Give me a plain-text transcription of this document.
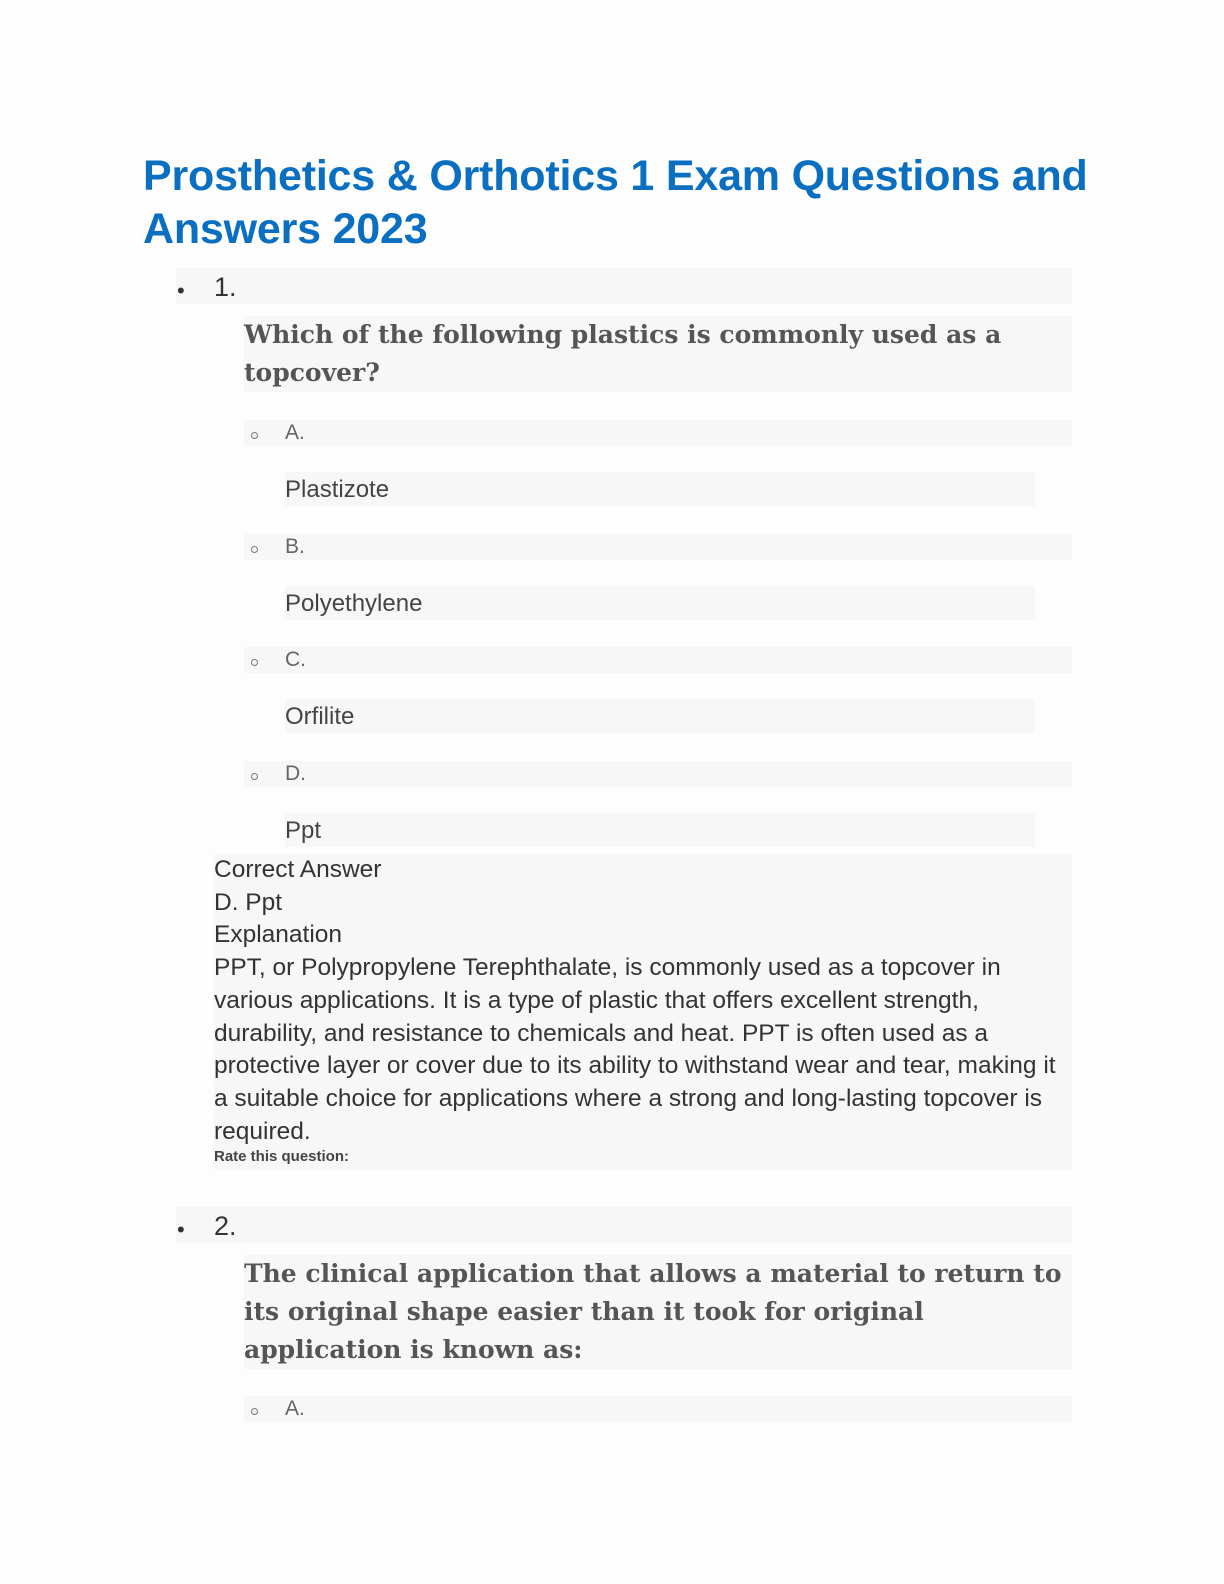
Prosthetics & Orthotics 1 Exam Questions and Answers 2023
• 1.

Which of the following plastics is commonly used as a topcover?

A.
Plastizote
B.
Polyethylene
C.
Orfilite
D.
Ppt
Correct Answer
D. Ppt
Explanation
PPT, or Polypropylene Terephthalate, is commonly used as a topcover in various applications. It is a type of plastic that offers excellent strength, durability, and resistance to chemicals and heat. PPT is often used as a protective layer or cover due to its ability to withstand wear and tear, making it a suitable choice for applications where a strong and long-lasting topcover is required.
Rate this question:
• 2.

The clinical application that allows a material to return to its original shape easier than it took for original application is known as:

A.
